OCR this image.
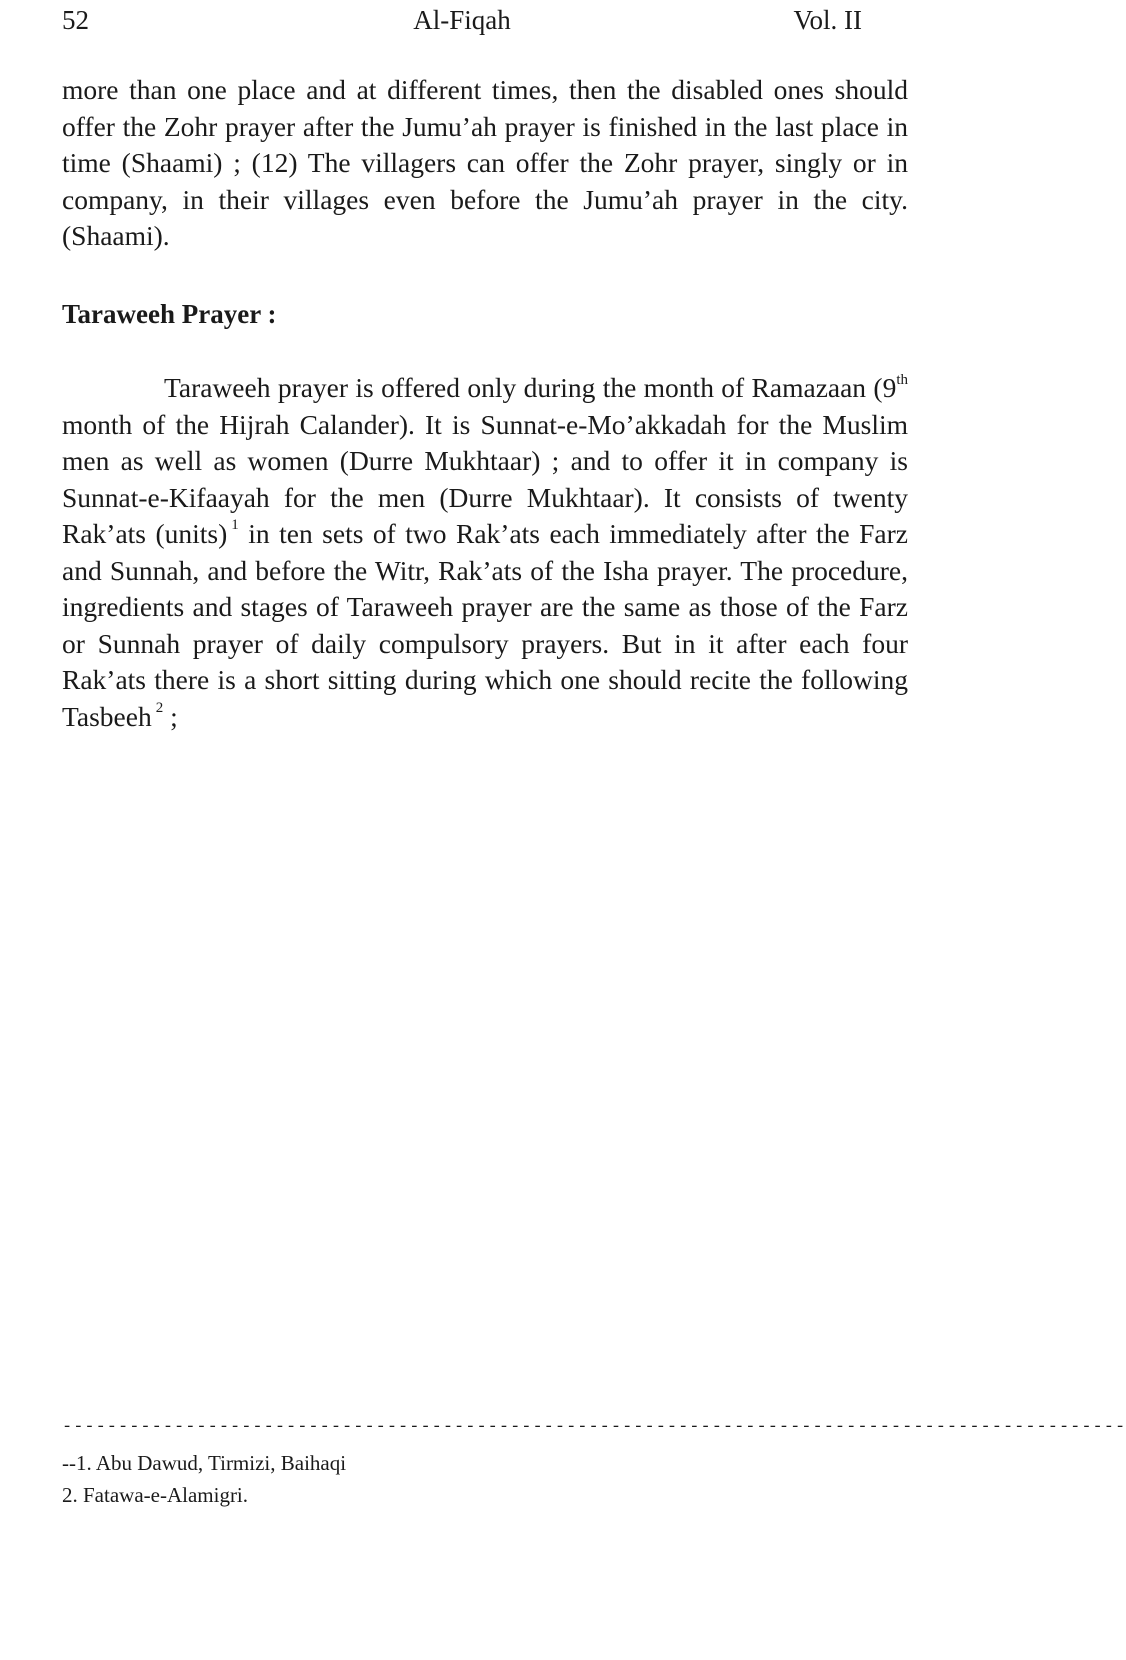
52	Al-Fiqah	Vol. II

more than one place and at different times, then the disabled ones should offer the Zohr prayer after the Jumu’ah prayer is finished in the last place in time (Shaami) ; (12) The villagers can offer the Zohr prayer, singly or in company, in their villages even before the Jumu’ah prayer in the city. (Shaami).

Taraweeh Prayer :

Taraweeh prayer is offered only during the month of Ramazaan (9th month of the Hijrah Calander). It is Sunnat-e-Mo’akkadah for the Muslim men as well as women (Durre Mukhtaar) ; and to offer it in company is Sunnat-e-Kifaayah for the men (Durre Mukhtaar). It consists of twenty Rak’ats (units) $^1$ in ten sets of two Rak’ats each immediately after the Farz and Sunnah, and before the Witr, Rak’ats of the Isha prayer. The procedure, ingredients and stages of Taraweeh prayer are the same as those of the Farz or Sunnah prayer of daily compulsory prayers. But in it after each four Rak’ats there is a short sitting during which one should recite the following Tasbeeh $^2$ ;

-----------------------------------------------------------------------------------------------
--1. Abu Dawud, Tirmizi, Baihaqi
2. Fatawa-e-Alamigri.
